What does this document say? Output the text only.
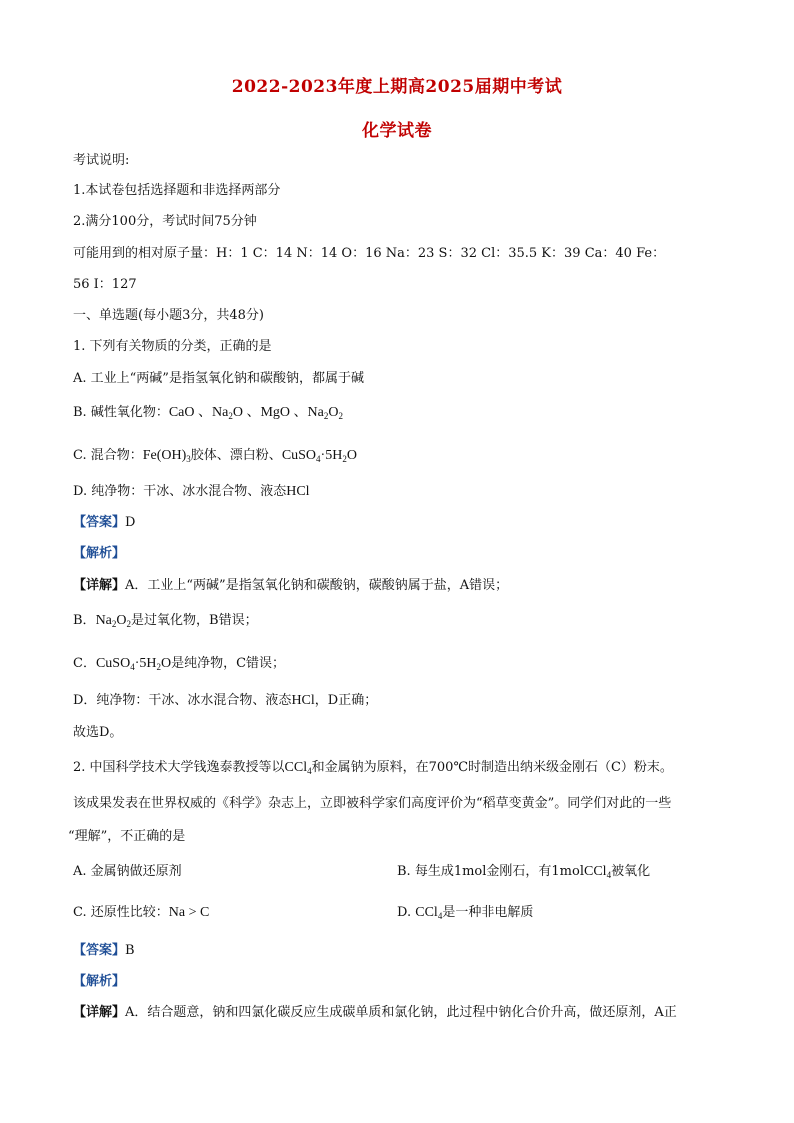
2022-2023年度上期高2025届期中考试
化学试卷
考试说明:
1.本试卷包括选择题和非选择两部分
2.满分100分，考试时间75分钟
可能用到的相对原子量：H：1 C：14 N：14 O：16 Na：23 S：32 Cl：35.5 K：39 Ca：40 Fe：
56 I：127
一、单选题(每小题3分，共48分)
1. 下列有关物质的分类，正确的是
A. 工业上“两碱”是指氢氧化钠和碳酸钠，都属于碱
B. 碱性氧化物：CaO 、$Na_2O$ 、MgO 、$Na_2O_2$
C. 混合物：$Fe(OH)_3$胶体、漂白粉、$CuSO_4\cdot 5H_2O$
D. 纯净物：干冰、冰水混合物、液态HCl
【答案】D
【解析】
【详解】A．工业上“两碱”是指氢氧化钠和碳酸钠，碳酸钠属于盐，A错误；
B．$Na_2O_2$是过氧化物，B错误；
C．$CuSO_4\cdot 5H_2O$是纯净物，C错误；
D．纯净物：干冰、冰水混合物、液态HCl，D正确；
故选D。
2. 中国科学技术大学钱逸泰教授等以CCl$_4$和金属钠为原料，在700℃时制造出纳米级金刚石（C）粉末。
该成果发表在世界权威的《科学》杂志上，立即被科学家们高度评价为“稻草变黄金”。同学们对此的一些
“理解”，不正确的是
A. 金属钠做还原剂	B. 每生成1mol金刚石，有1molCCl$_4$被氧化
C. 还原性比较：Na > C	D. CCl$_4$是一种非电解质
【答案】B
【解析】
【详解】A．结合题意，钠和四氯化碳反应生成碳单质和氯化钠，此过程中钠化合价升高，做还原剂，A正
